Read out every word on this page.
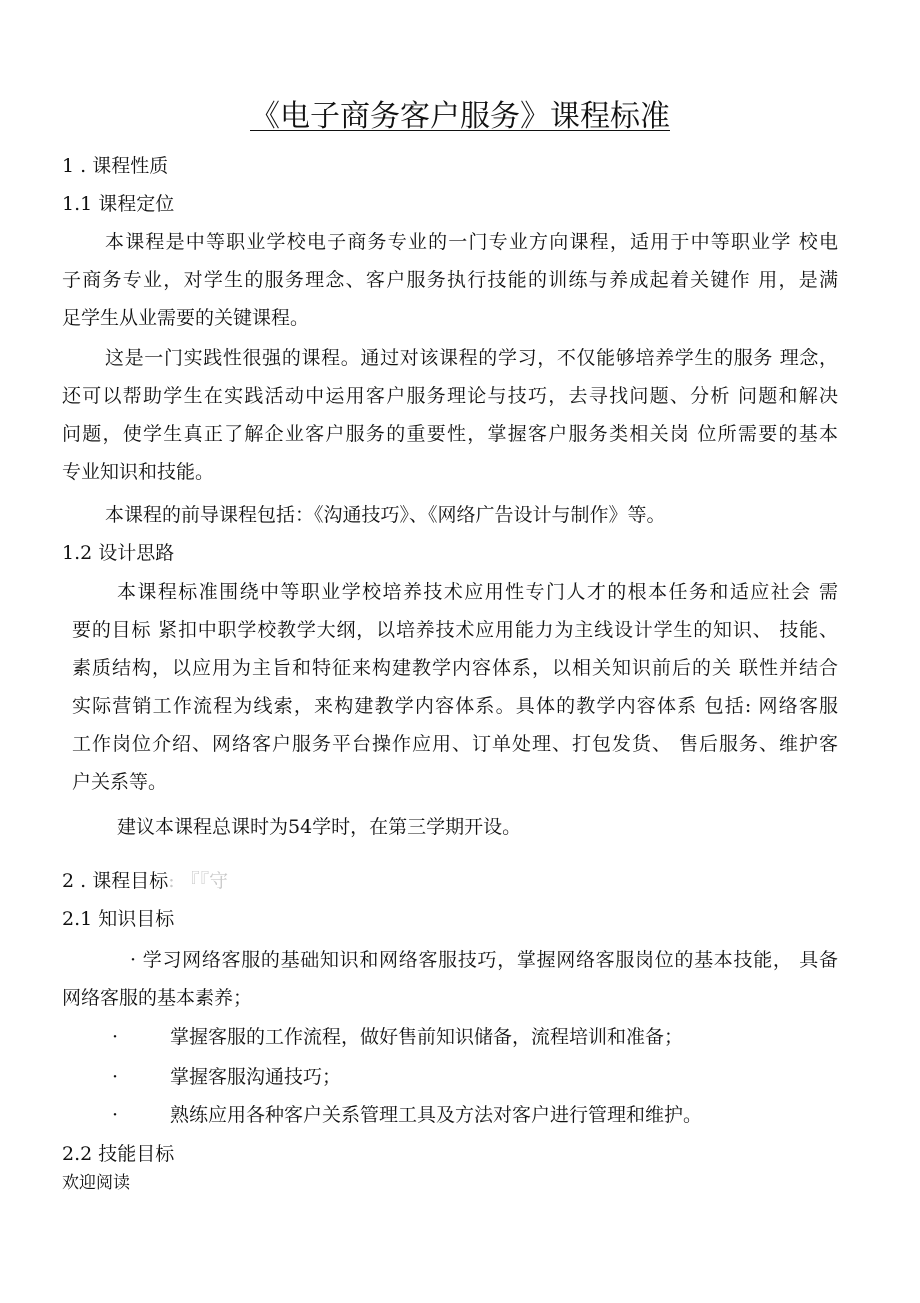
《电子商务客户服务》课程标准
1 . 课程性质
1.1 课程定位
本课程是中等职业学校电子商务专业的一门专业方向课程，适用于中等职业学 校电
子商务专业，对学生的服务理念、客户服务执行技能的训练与养成起着关键作 用，是满
足学生从业需要的关键课程。
这是一门实践性很强的课程。通过对该课程的学习，不仅能够培养学生的服务 理念，
还可以帮助学生在实践活动中运用客户服务理论与技巧，去寻找问题、分析 问题和解决
问题，使学生真正了解企业客户服务的重要性，掌握客户服务类相关岗 位所需要的基本
专业知识和技能。
本课程的前导课程包括：《沟通技巧》、《网络广告设计与制作》等。
1.2 设计思路
本课程标准围绕中等职业学校培养技术应用性专门人才的根本任务和适应社会 需
要的目标 紧扣中职学校教学大纲，以培养技术应用能力为主线设计学生的知识、 技能、
素质结构，以应用为主旨和特征来构建教学内容体系，以相关知识前后的关 联性并结合
实际营销工作流程为线索，来构建教学内容体系。具体的教学内容体系 包括: 网络客服
工作岗位介绍、网络客户服务平台操作应用、订单处理、打包发货、 售后服务、维护客
户关系等。
建议本课程总课时为54学时，在第三学期开设。
2 . 课程目标: 『『守
2.1 知识目标
· 学习网络客服的基础知识和网络客服技巧，掌握网络客服岗位的基本技能， 具备
网络客服的基本素养；
·	掌握客服的工作流程，做好售前知识储备，流程培训和准备；
·	掌握客服沟通技巧；
·	熟练应用各种客户关系管理工具及方法对客户进行管理和维护。
2.2 技能目标
欢迎阅读
